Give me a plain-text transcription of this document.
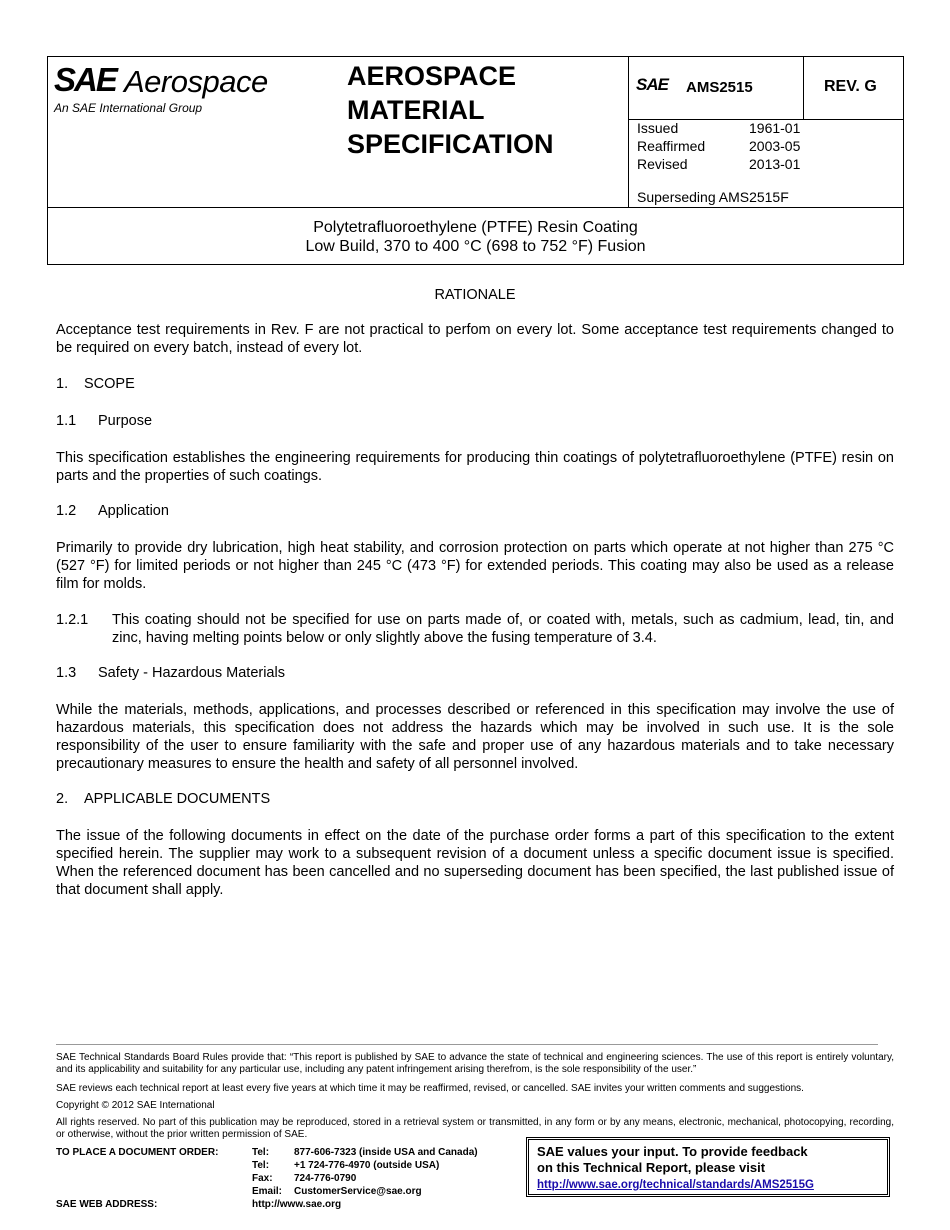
SAE Aerospace
An SAE International Group
AEROSPACE
MATERIAL
SPECIFICATION
SAE AMS2515	REV. G
Issued	1961-01
Reaffirmed	2003-05
Revised	2013-01
Superseding AMS2515F
Polytetrafluoroethylene (PTFE) Resin Coating
Low Build, 370 to 400 °C (698 to 752 °F) Fusion
RATIONALE

Acceptance test requirements in Rev. F are not practical to perfom on every lot. Some acceptance test requirements changed to be required on every batch, instead of every lot.

1. SCOPE
1.1 Purpose

This specification establishes the engineering requirements for producing thin coatings of polytetrafluoroethylene (PTFE) resin on parts and the properties of such coatings.

1.2 Application

Primarily to provide dry lubrication, high heat stability, and corrosion protection on parts which operate at not higher than 275 °C (527 °F) for limited periods or not higher than 245 °C (473 °F) for extended periods. This coating may also be used as a release film for molds.

1.2.1 This coating should not be specified for use on parts made of, or coated with, metals, such as cadmium, lead, tin, and zinc, having melting points below or only slightly above the fusing temperature of 3.4.
1.3 Safety - Hazardous Materials

While the materials, methods, applications, and processes described or referenced in this specification may involve the use of hazardous materials, this specification does not address the hazards which may be involved in such use. It is the sole responsibility of the user to ensure familiarity with the safe and proper use of any hazardous materials and to take necessary precautionary measures to ensure the health and safety of all personnel involved.

2. APPLICABLE DOCUMENTS

The issue of the following documents in effect on the date of the purchase order forms a part of this specification to the extent specified herein. The supplier may work to a subsequent revision of a document unless a specific document issue is specified. When the referenced document has been cancelled and no superseding document has been specified, the last published issue of that document shall apply.

SAE Technical Standards Board Rules provide that: “This report is published by SAE to advance the state of technical and engineering sciences. The use of this report is entirely voluntary, and its applicability and suitability for any particular use, including any patent infringement arising therefrom, is the sole responsibility of the user.”
SAE reviews each technical report at least every five years at which time it may be reaffirmed, revised, or cancelled. SAE invites your written comments and suggestions.
Copyright © 2012 SAE International
All rights reserved. No part of this publication may be reproduced, stored in a retrieval system or transmitted, in any form or by any means, electronic, mechanical, photocopying, recording, or otherwise, without the prior written permission of SAE.
TO PLACE A DOCUMENT ORDER:	Tel: 877-606-7323 (inside USA and Canada)
Tel: +1 724-776-4970 (outside USA)
Fax: 724-776-0790
Email: CustomerService@sae.org
SAE WEB ADDRESS:	http://www.sae.org
SAE values your input. To provide feedback
on this Technical Report, please visit
http://www.sae.org/technical/standards/AMS2515G
